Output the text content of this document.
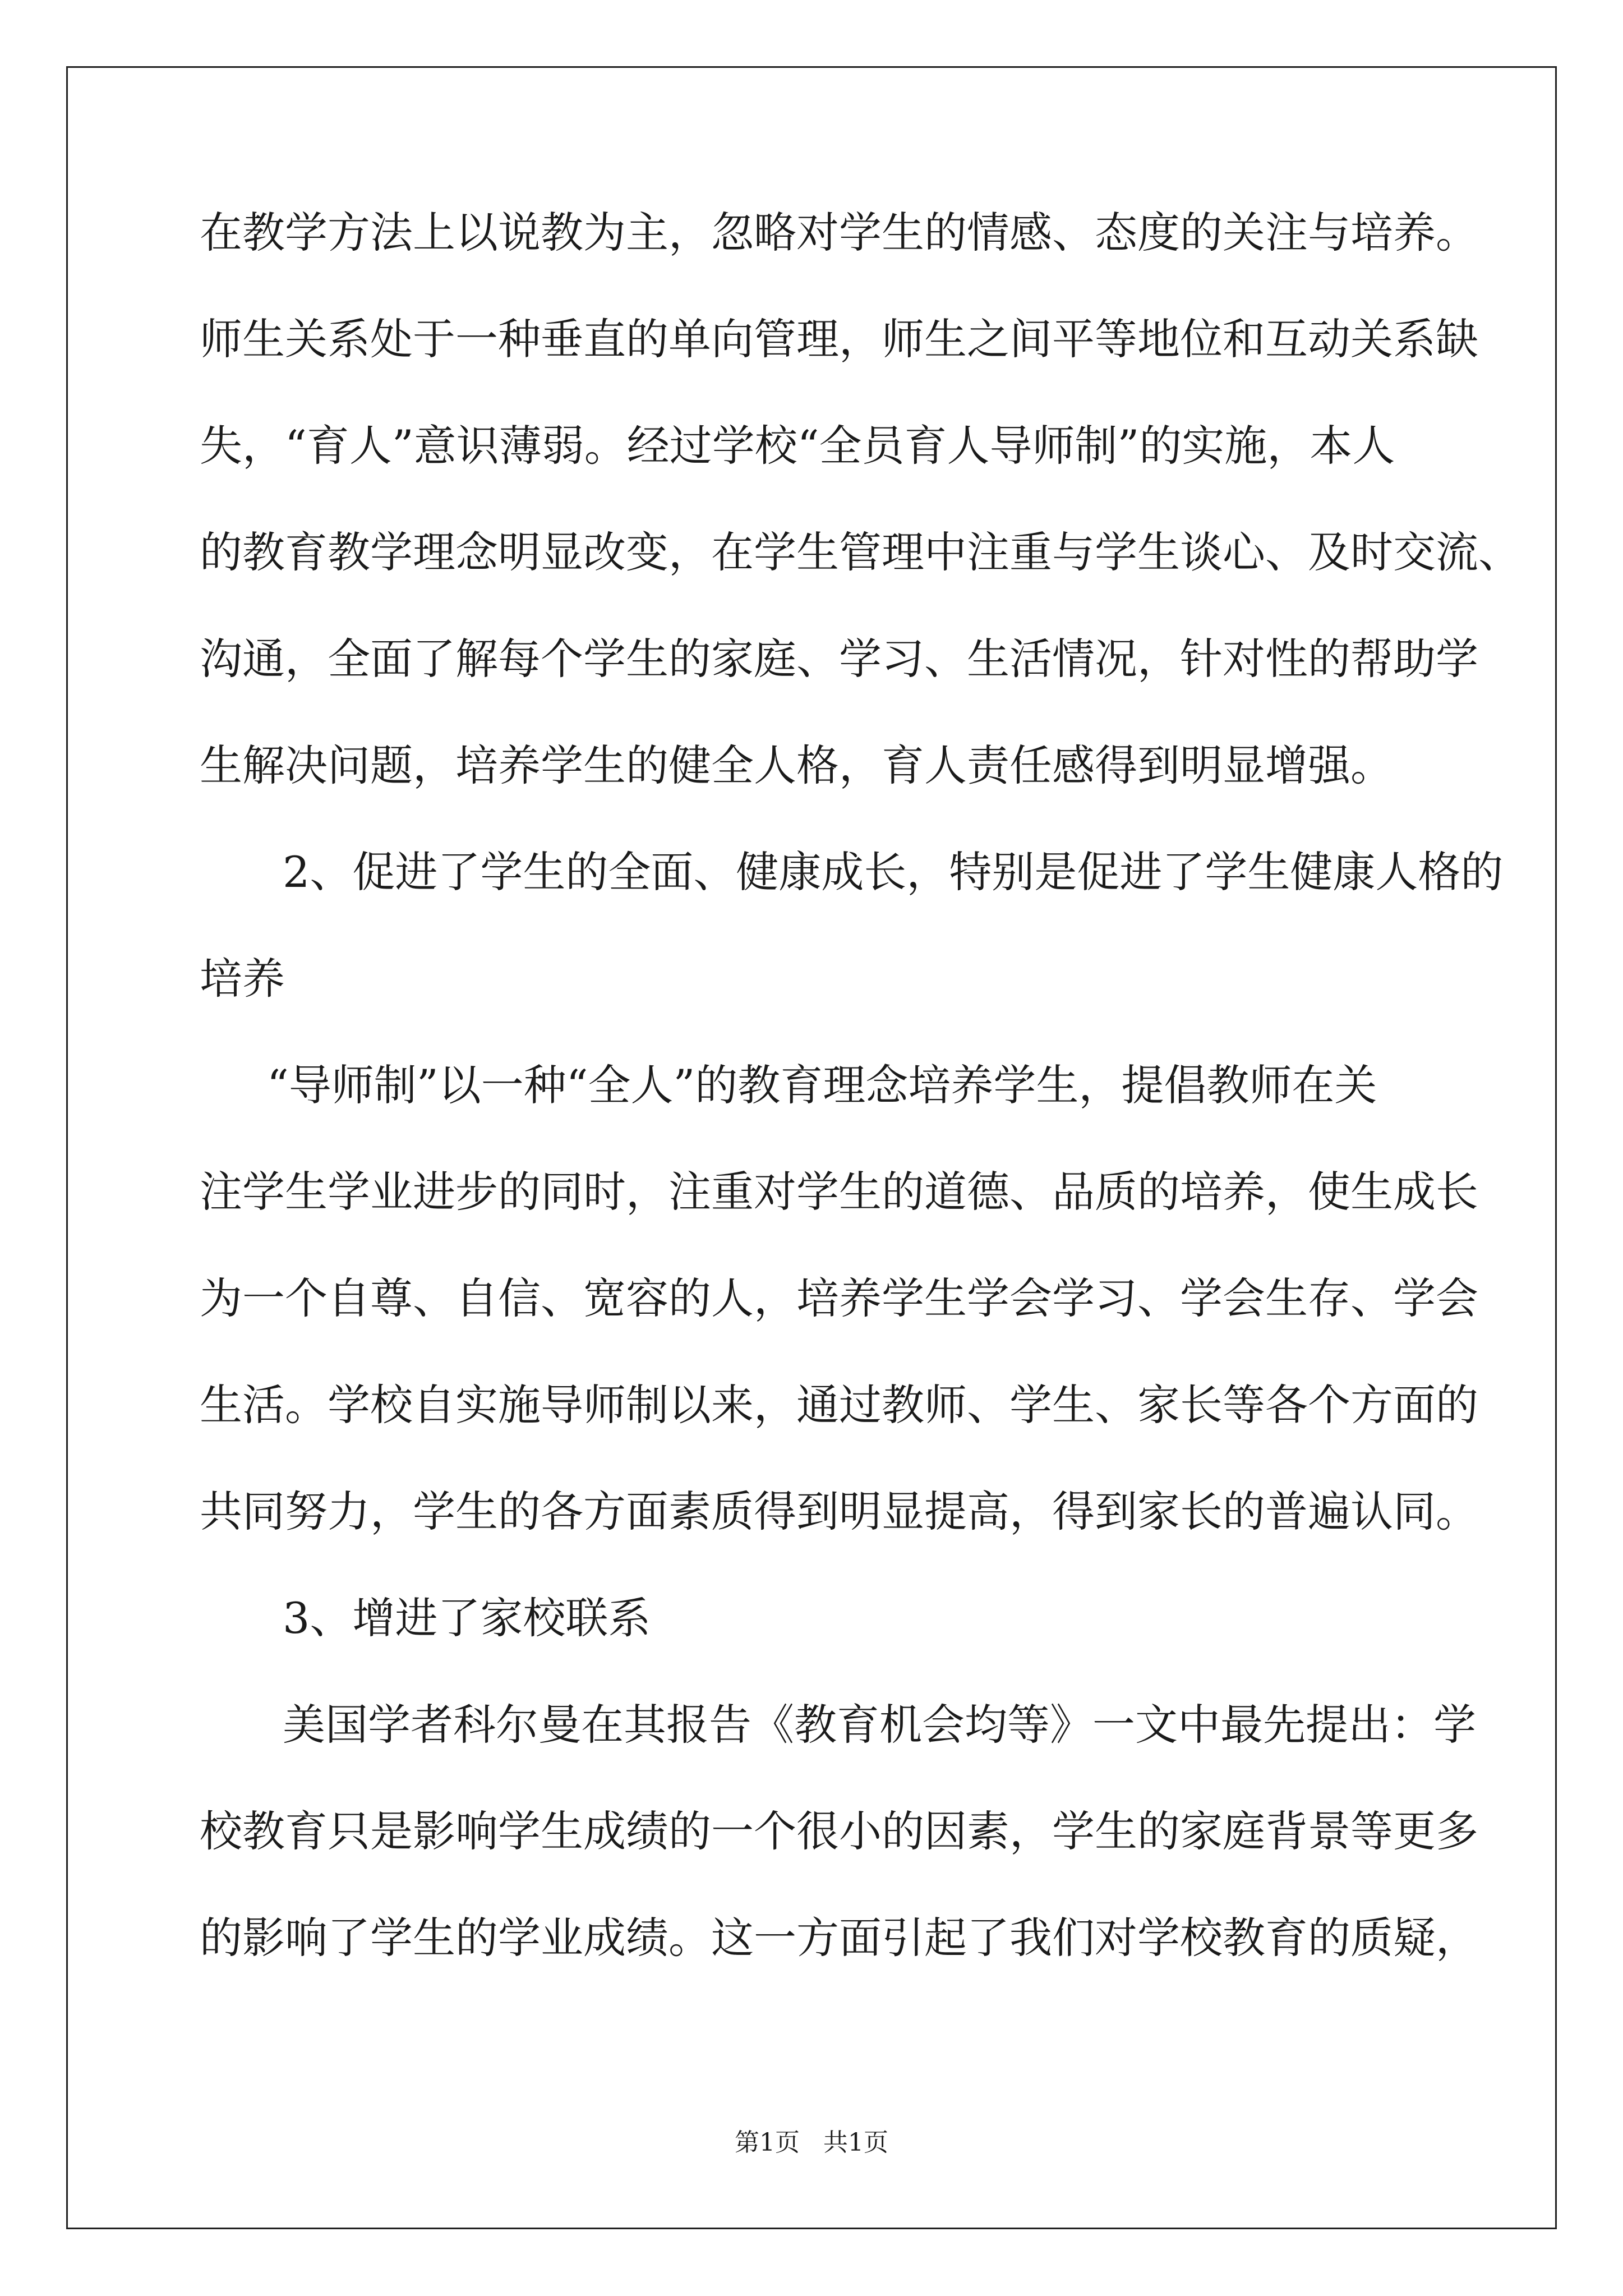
在教学方法上以说教为主，忽略对学生的情感、态度的关注与培养。
师生关系处于一种垂直的单向管理，师生之间平等地位和互动关系缺
失，“育人”意识薄弱。经过学校“全员育人导师制”的实施，本人
的教育教学理念明显改变，在学生管理中注重与学生谈心、及时交流、
沟通，全面了解每个学生的家庭、学习、生活情况，针对性的帮助学
生解决问题，培养学生的健全人格，育人责任感得到明显增强。
2、促进了学生的全面、健康成长，特别是促进了学生健康人格的
培养
“导师制”以一种“全人”的教育理念培养学生，提倡教师在关
注学生学业进步的同时，注重对学生的道德、品质的培养，使生成长
为一个自尊、自信、宽容的人，培养学生学会学习、学会生存、学会
生活。学校自实施导师制以来，通过教师、学生、家长等各个方面的
共同努力，学生的各方面素质得到明显提高，得到家长的普遍认同。
3、增进了家校联系
美国学者科尔曼在其报告《教育机会均等》一文中最先提出：学
校教育只是影响学生成绩的一个很小的因素，学生的家庭背景等更多
的影响了学生的学业成绩。这一方面引起了我们对学校教育的质疑，
第1页   共1页
